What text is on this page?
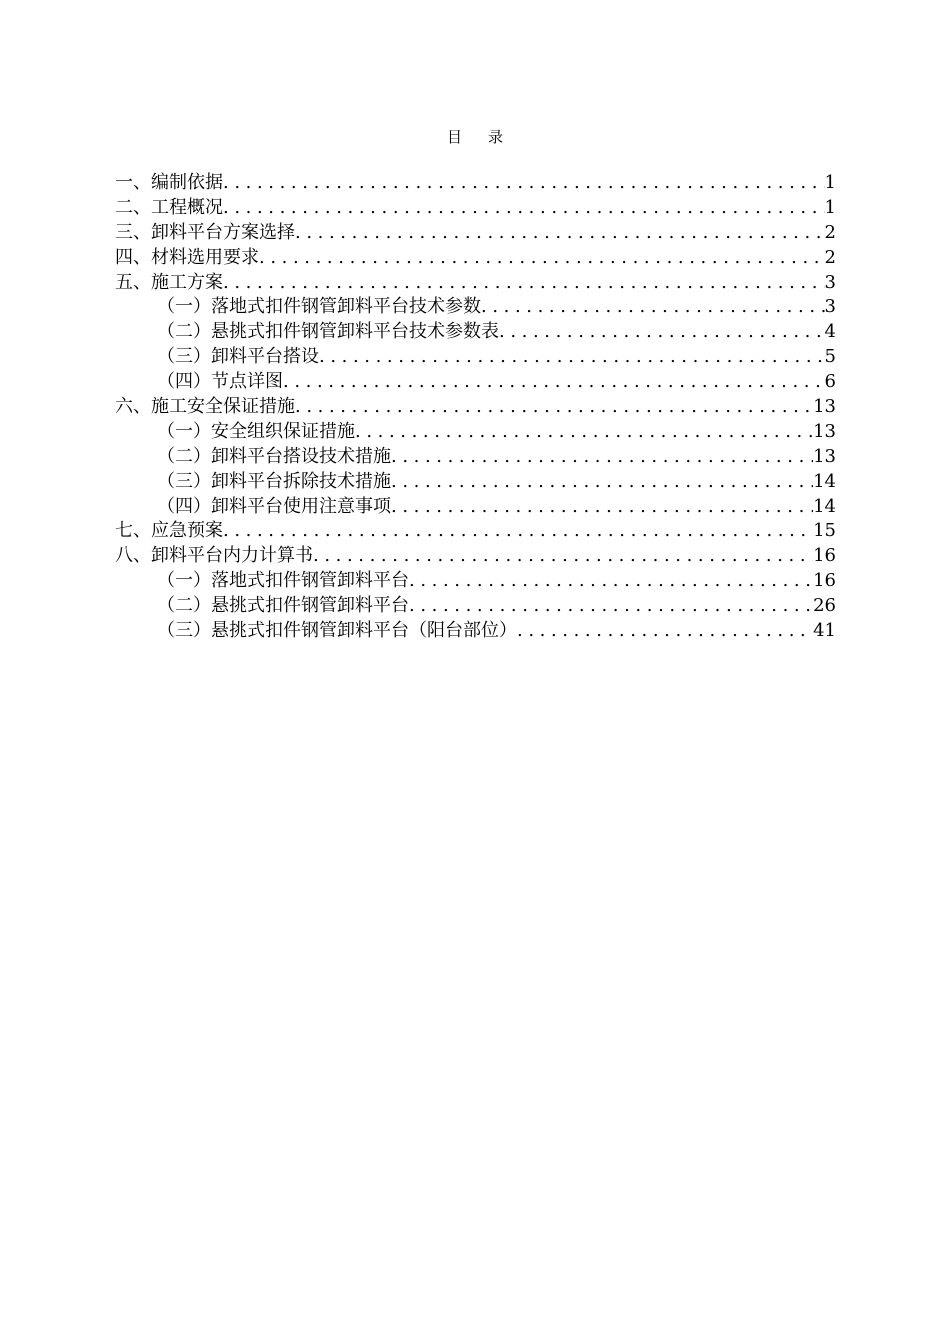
目录
一、编制依据 .....	1
二、工程概况 .....	1
三、卸料平台方案选择 .....	2
四、材料选用要求 .....	2
五、施工方案 .....	3
（一）落地式扣件钢管卸料平台技术参数 .....	3
（二）悬挑式扣件钢管卸料平台技术参数表 .....	4
（三）卸料平台搭设 .....	5
（四）节点详图 .....	6
六、施工安全保证措施 .....	13
（一）安全组织保证措施 .....	13
（二）卸料平台搭设技术措施 .....	13
（三）卸料平台拆除技术措施 .....	14
（四）卸料平台使用注意事项 .....	14
七、应急预案 .....	15
八、卸料平台内力计算书 .....	16
（一）落地式扣件钢管卸料平台 .....	16
（二）悬挑式扣件钢管卸料平台 .....	26
（三）悬挑式扣件钢管卸料平台（阳台部位） .....	41
